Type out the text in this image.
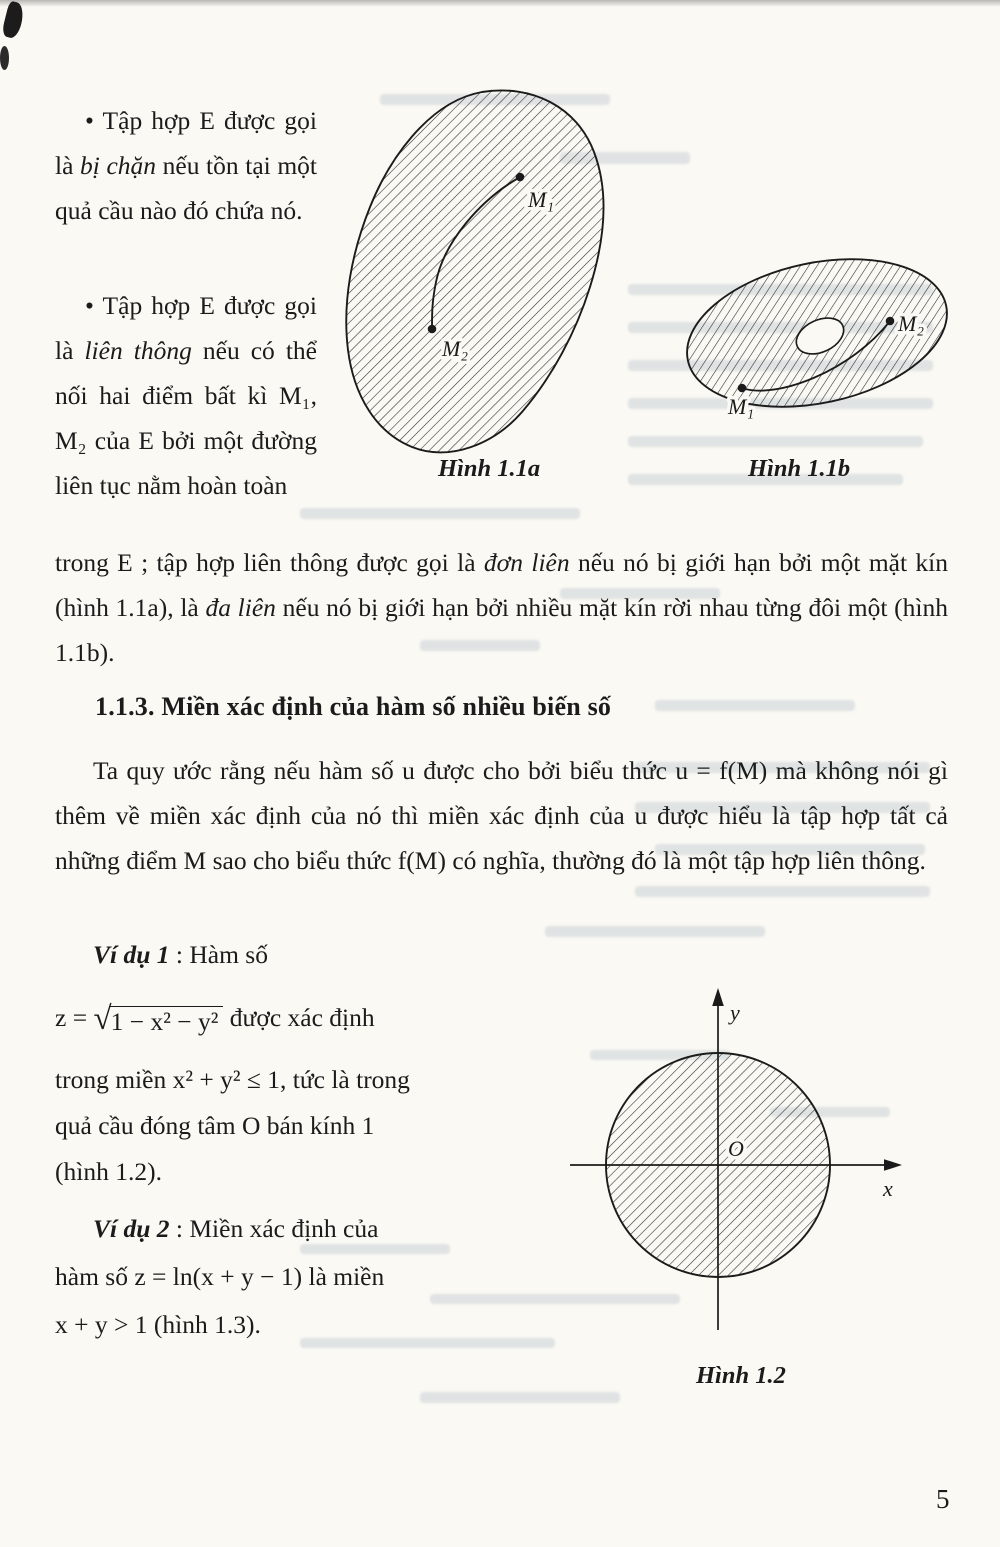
• Tập hợp E được gọi là bị chặn nếu tồn tại một quả cầu nào đó chứa nó.
• Tập hợp E được gọi là liên thông nếu có thể nối hai điểm bất kì M₁, M₂ của E bởi một đường liên tục nằm hoàn toàn
M₁
M₂
Hình 1.1a
M₂
M₁
Hình 1.1b
trong E ; tập hợp liên thông được gọi là đơn liên nếu nó bị giới hạn bởi một mặt kín (hình 1.1a), là đa liên nếu nó bị giới hạn bởi nhiều mặt kín rời nhau từng đôi một (hình 1.1b).
1.1.3. Miền xác định của hàm số nhiều biến số
Ta quy ước rằng nếu hàm số u được cho bởi biểu thức u = f(M) mà không nói gì thêm về miền xác định của nó thì miền xác định của u được hiểu là tập hợp tất cả những điểm M sao cho biểu thức f(M) có nghĩa, thường đó là một tập hợp liên thông.
Ví dụ 1 : Hàm số
z = √ 1 − x² − y² được xác định
trong miền x² + y² ≤ 1, tức là trong
quả cầu đóng tâm O bán kính 1
(hình 1.2).
y
x
O
Hình 1.2
Ví dụ 2 : Miền xác định của
hàm số z = ln(x + y − 1) là miền
x + y > 1 (hình 1.3).
5
